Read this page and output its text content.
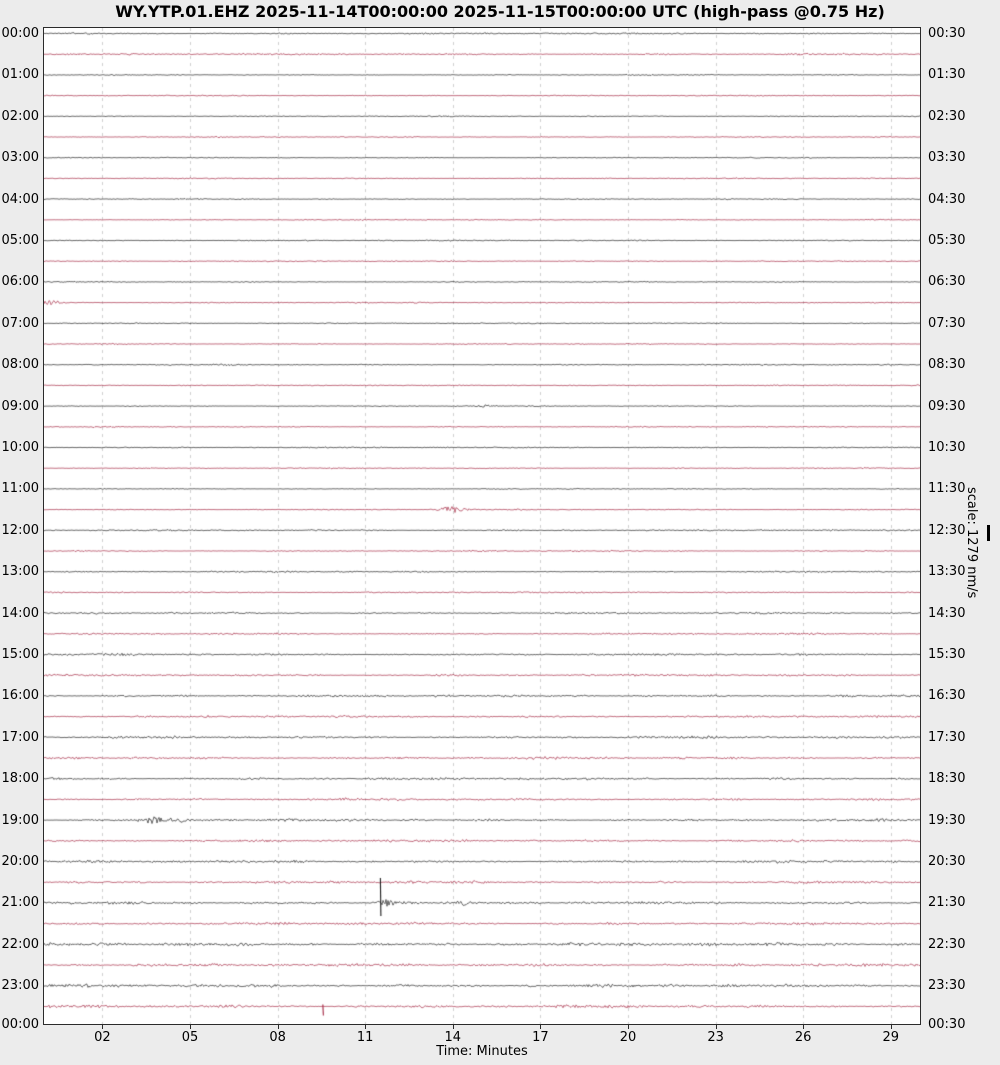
WY.YTP.01.EHZ 2025-11-14T00:00:00 2025-11-15T00:00:00 UTC (high-pass @0.75 Hz)
00:00
01:00
02:00
03:00
04:00
05:00
06:00
07:00
08:00
09:00
10:00
11:00
12:00
13:00
14:00
15:00
16:00
17:00
18:00
19:00
20:00
21:00
22:00
23:00
00:00
00:30
01:30
02:30
03:30
04:30
05:30
06:30
07:30
08:30
09:30
10:30
11:30
12:30
13:30
14:30
15:30
16:30
17:30
18:30
19:30
20:30
21:30
22:30
23:30
00:30
02	05	08	11	14	17	20	23	26	29
Time: Minutes
scale: 1279 nm/s
